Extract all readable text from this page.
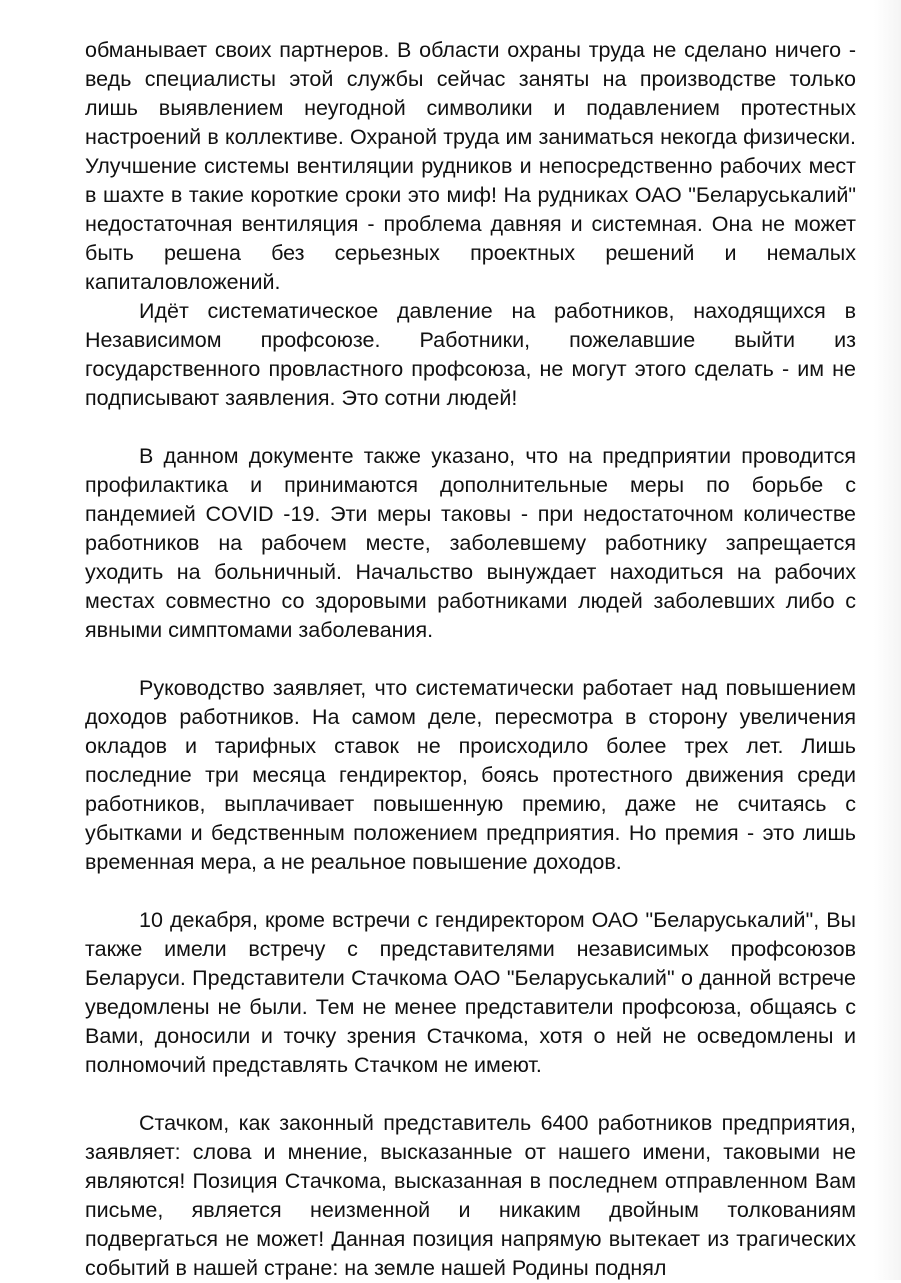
обманывает своих партнеров. В области охраны труда не сделано ничего - ведь специалисты этой службы сейчас заняты на производстве только лишь выявлением неугодной символики и подавлением протестных настроений в коллективе. Охраной труда им заниматься некогда физически. Улучшение системы вентиляции рудников и непосредственно рабочих мест в шахте в такие короткие сроки это миф! На рудниках ОАО "Беларуськалий" недостаточная вентиляция - проблема давняя и системная. Она не может быть решена без серьезных проектных решений и немалых капиталовложений.

Идёт систематическое давление на работников, находящихся в Независимом профсоюзе. Работники, пожелавшие выйти из государственного провластного профсоюза, не могут этого сделать - им не подписывают заявления. Это сотни людей!

В данном документе также указано, что на предприятии проводится профилактика и принимаются дополнительные меры по борьбе с пандемией COVID -19. Эти меры таковы - при недостаточном количестве работников на рабочем месте, заболевшему работнику запрещается уходить на больничный. Начальство вынуждает находиться на рабочих местах совместно со здоровыми работниками людей заболевших либо с явными симптомами заболевания.

Руководство заявляет, что систематически работает над повышением доходов работников. На самом деле, пересмотра в сторону увеличения окладов и тарифных ставок не происходило более трех лет. Лишь последние три месяца гендиректор, боясь протестного движения среди работников, выплачивает повышенную премию, даже не считаясь с убытками и бедственным положением предприятия. Но премия - это лишь временная мера, а не реальное повышение доходов.

10 декабря, кроме встречи с гендиректором ОАО "Беларуськалий", Вы также имели встречу с представителями независимых профсоюзов Беларуси. Представители Стачкома ОАО "Беларуськалий" о данной встрече уведомлены не были. Тем не менее представители профсоюза, общаясь с Вами, доносили и точку зрения Стачкома, хотя о ней не осведомлены и полномочий представлять Стачком не имеют.

Стачком, как законный представитель 6400 работников предприятия, заявляет: слова и мнение, высказанные от нашего имени, таковыми не являются! Позиция Стачкома, высказанная в последнем отправленном Вам письме, является неизменной и никаким двойным толкованиям подвергаться не может! Данная позиция напрямую вытекает из трагических событий в нашей стране: на земле нашей Родины поднял
